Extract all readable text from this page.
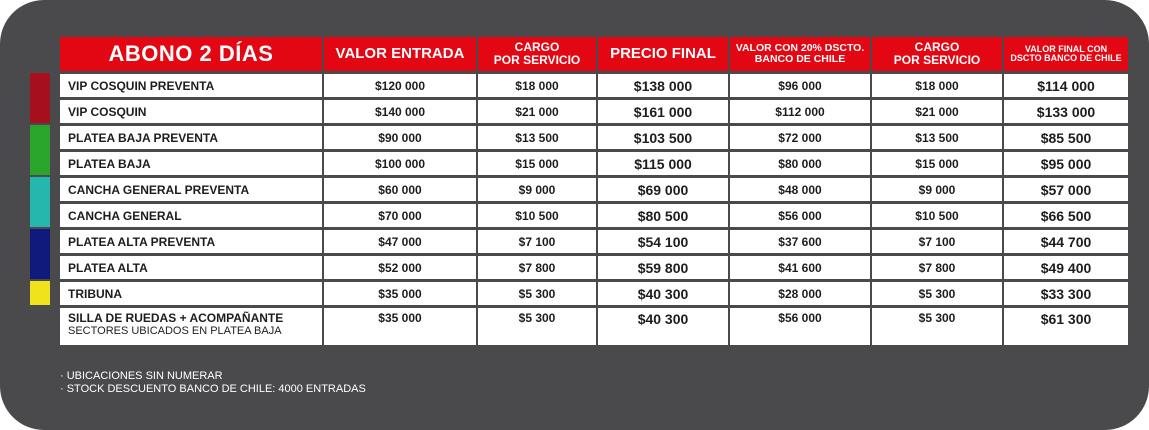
ABONO 2 DÍAS	VALOR ENTRADA	CARGO
POR SERVICIO	PRECIO FINAL	VALOR CON 20% DSCTO.
BANCO DE CHILE	CARGO
POR SERVICIO	VALOR FINAL CON
DSCTO BANCO DE CHILE
VIP COSQUIN PREVENTA	$120 000	$18 000	$138 000	$96 000	$18 000	$114 000
VIP COSQUIN	$140 000	$21 000	$161 000	$112 000	$21 000	$133 000
PLATEA BAJA PREVENTA	$90 000	$13 500	$103 500	$72 000	$13 500	$85 500
PLATEA BAJA	$100 000	$15 000	$115 000	$80 000	$15 000	$95 000
CANCHA GENERAL PREVENTA	$60 000	$9 000	$69 000	$48 000	$9 000	$57 000
CANCHA GENERAL	$70 000	$10 500	$80 500	$56 000	$10 500	$66 500
PLATEA ALTA PREVENTA	$47 000	$7 100	$54 100	$37 600	$7 100	$44 700
PLATEA ALTA	$52 000	$7 800	$59 800	$41 600	$7 800	$49 400
TRIBUNA	$35 000	$5 300	$40 300	$28 000	$5 300	$33 300
SILLA DE RUEDAS + ACOMPAÑANTE
SECTORES UBICADOS EN PLATEA BAJA	$35 000	$5 300	$40 300	$56 000	$5 300	$61 300
· UBICACIONES SIN NUMERAR
· STOCK DESCUENTO BANCO DE CHILE: 4000 ENTRADAS
